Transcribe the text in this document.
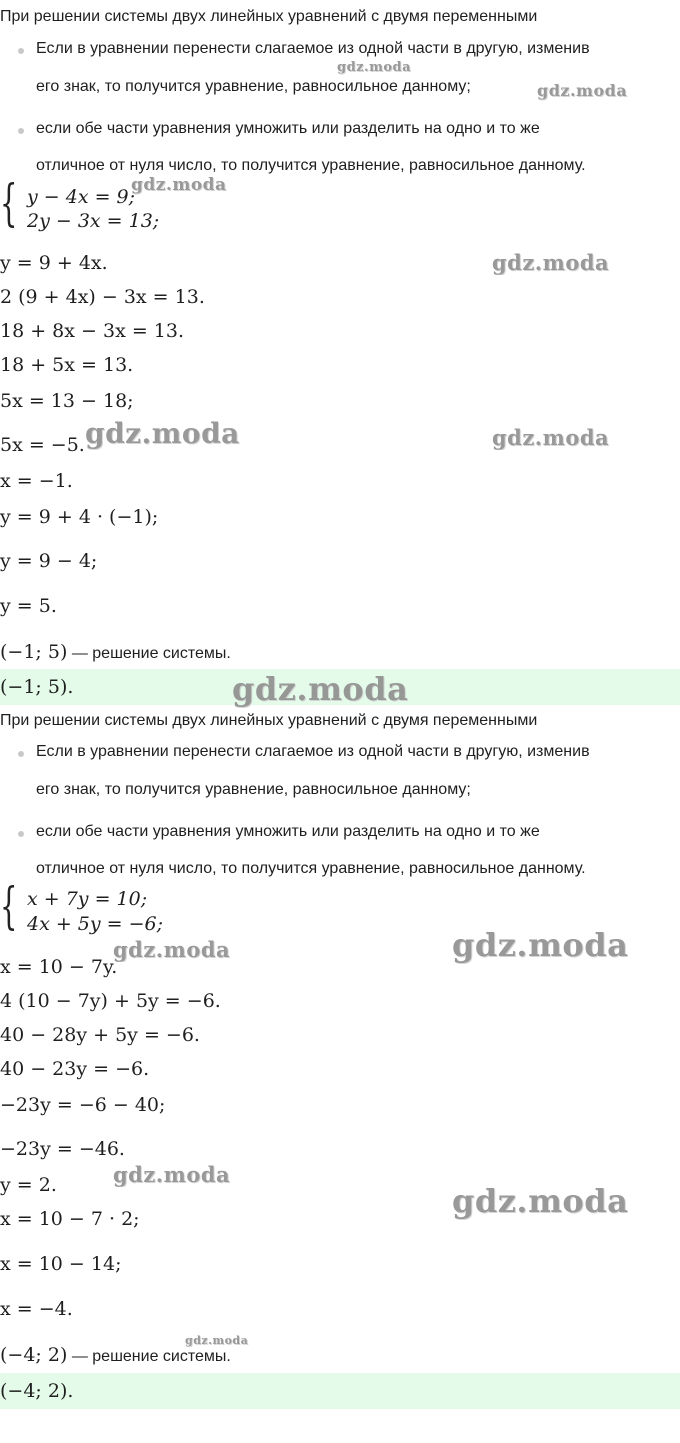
При решении системы двух линейных уравнений с двумя переменными
Если в уравнении перенести слагаемое из одной части в другую, изменив
его знак, то получится уравнение, равносильное данному;
если обе части уравнения умножить или разделить на одно и то же
отличное от нуля число, то получится уравнение, равносильное данному.
{ y − 4x = 9;
2y − 3x = 13;
y = 9 + 4x.
2 (9 + 4x) − 3x = 13.
18 + 8x − 3x = 13.
18 + 5x = 13.
5x = 13 − 18;
5x = −5.
x = −1.
y = 9 + 4 · (−1);
y = 9 − 4;
y = 5.
(−1; 5) — решение системы.
(−1; 5).
При решении системы двух линейных уравнений с двумя переменными
Если в уравнении перенести слагаемое из одной части в другую, изменив
его знак, то получится уравнение, равносильное данному;
если обе части уравнения умножить или разделить на одно и то же
отличное от нуля число, то получится уравнение, равносильное данному.
{ x + 7y = 10;
4x + 5y = −6;
x = 10 − 7y.
4 (10 − 7y) + 5y = −6.
40 − 28y + 5y = −6.
40 − 23y = −6.
−23y = −6 − 40;
−23y = −46.
y = 2.
x = 10 − 7 · 2;
x = 10 − 14;
x = −4.
(−4; 2) — решение системы.
(−4; 2).
gdz.moda
gdz.moda
gdz.moda
gdz.moda
gdz.moda	gdz.moda
gdz.moda
gdz.moda
gdz.moda
gdz.moda
gdz.moda
gdz.moda
